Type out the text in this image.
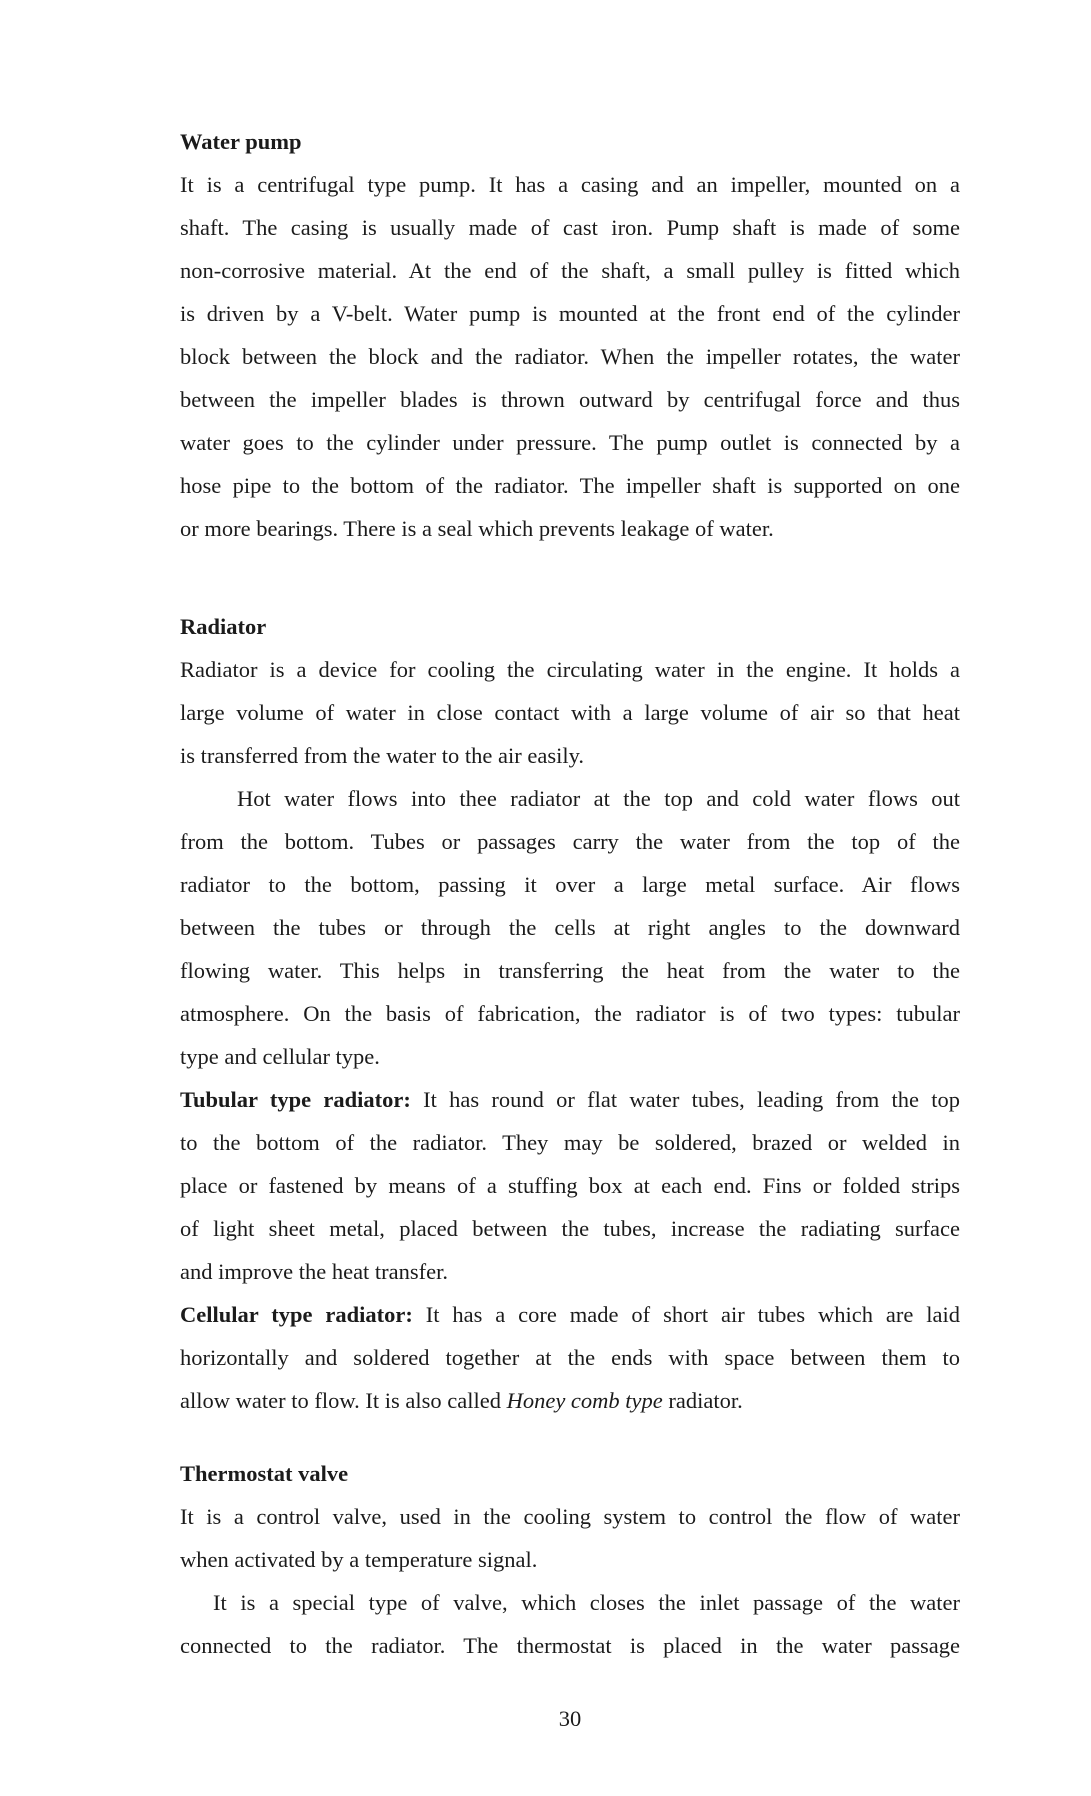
Water pump
It is a centrifugal type pump. It has a casing and an impeller, mounted on a
shaft. The casing is usually made of cast iron. Pump shaft is made of some
non-corrosive material. At the end of the shaft, a small pulley is fitted which
is driven by a V-belt. Water pump is mounted at the front end of the cylinder
block between the block and the radiator. When the impeller rotates, the water
between the impeller blades is thrown outward by centrifugal force and thus
water goes to the cylinder under pressure. The pump outlet is connected by a
hose pipe to the bottom of the radiator. The impeller shaft is supported on one
or more bearings. There is a seal which prevents leakage of water.
Radiator
Radiator is a device for cooling the circulating water in the engine. It holds a
large volume of water in close contact with a large volume of air so that heat
is transferred from the water to the air easily.
Hot water flows into thee radiator at the top and cold water flows out
from the bottom. Tubes or passages carry the water from the top of the
radiator to the bottom, passing it over a large metal surface. Air flows
between the tubes or through the cells at right angles to the downward
flowing water. This helps in transferring the heat from the water to the
atmosphere. On the basis of fabrication, the radiator is of two types: tubular
type and cellular type.
Tubular type radiator: It has round or flat water tubes, leading from the top
to the bottom of the radiator. They may be soldered, brazed or welded in
place or fastened by means of a stuffing box at each end. Fins or folded strips
of light sheet metal, placed between the tubes, increase the radiating surface
and improve the heat transfer.
Cellular type radiator: It has a core made of short air tubes which are laid
horizontally and soldered together at the ends with space between them to
allow water to flow. It is also called Honey comb type radiator.
Thermostat valve
It is a control valve, used in the cooling system to control the flow of water
when activated by a temperature signal.
It is a special type of valve, which closes the inlet passage of the water
connected to the radiator. The thermostat is placed in the water passage
30
